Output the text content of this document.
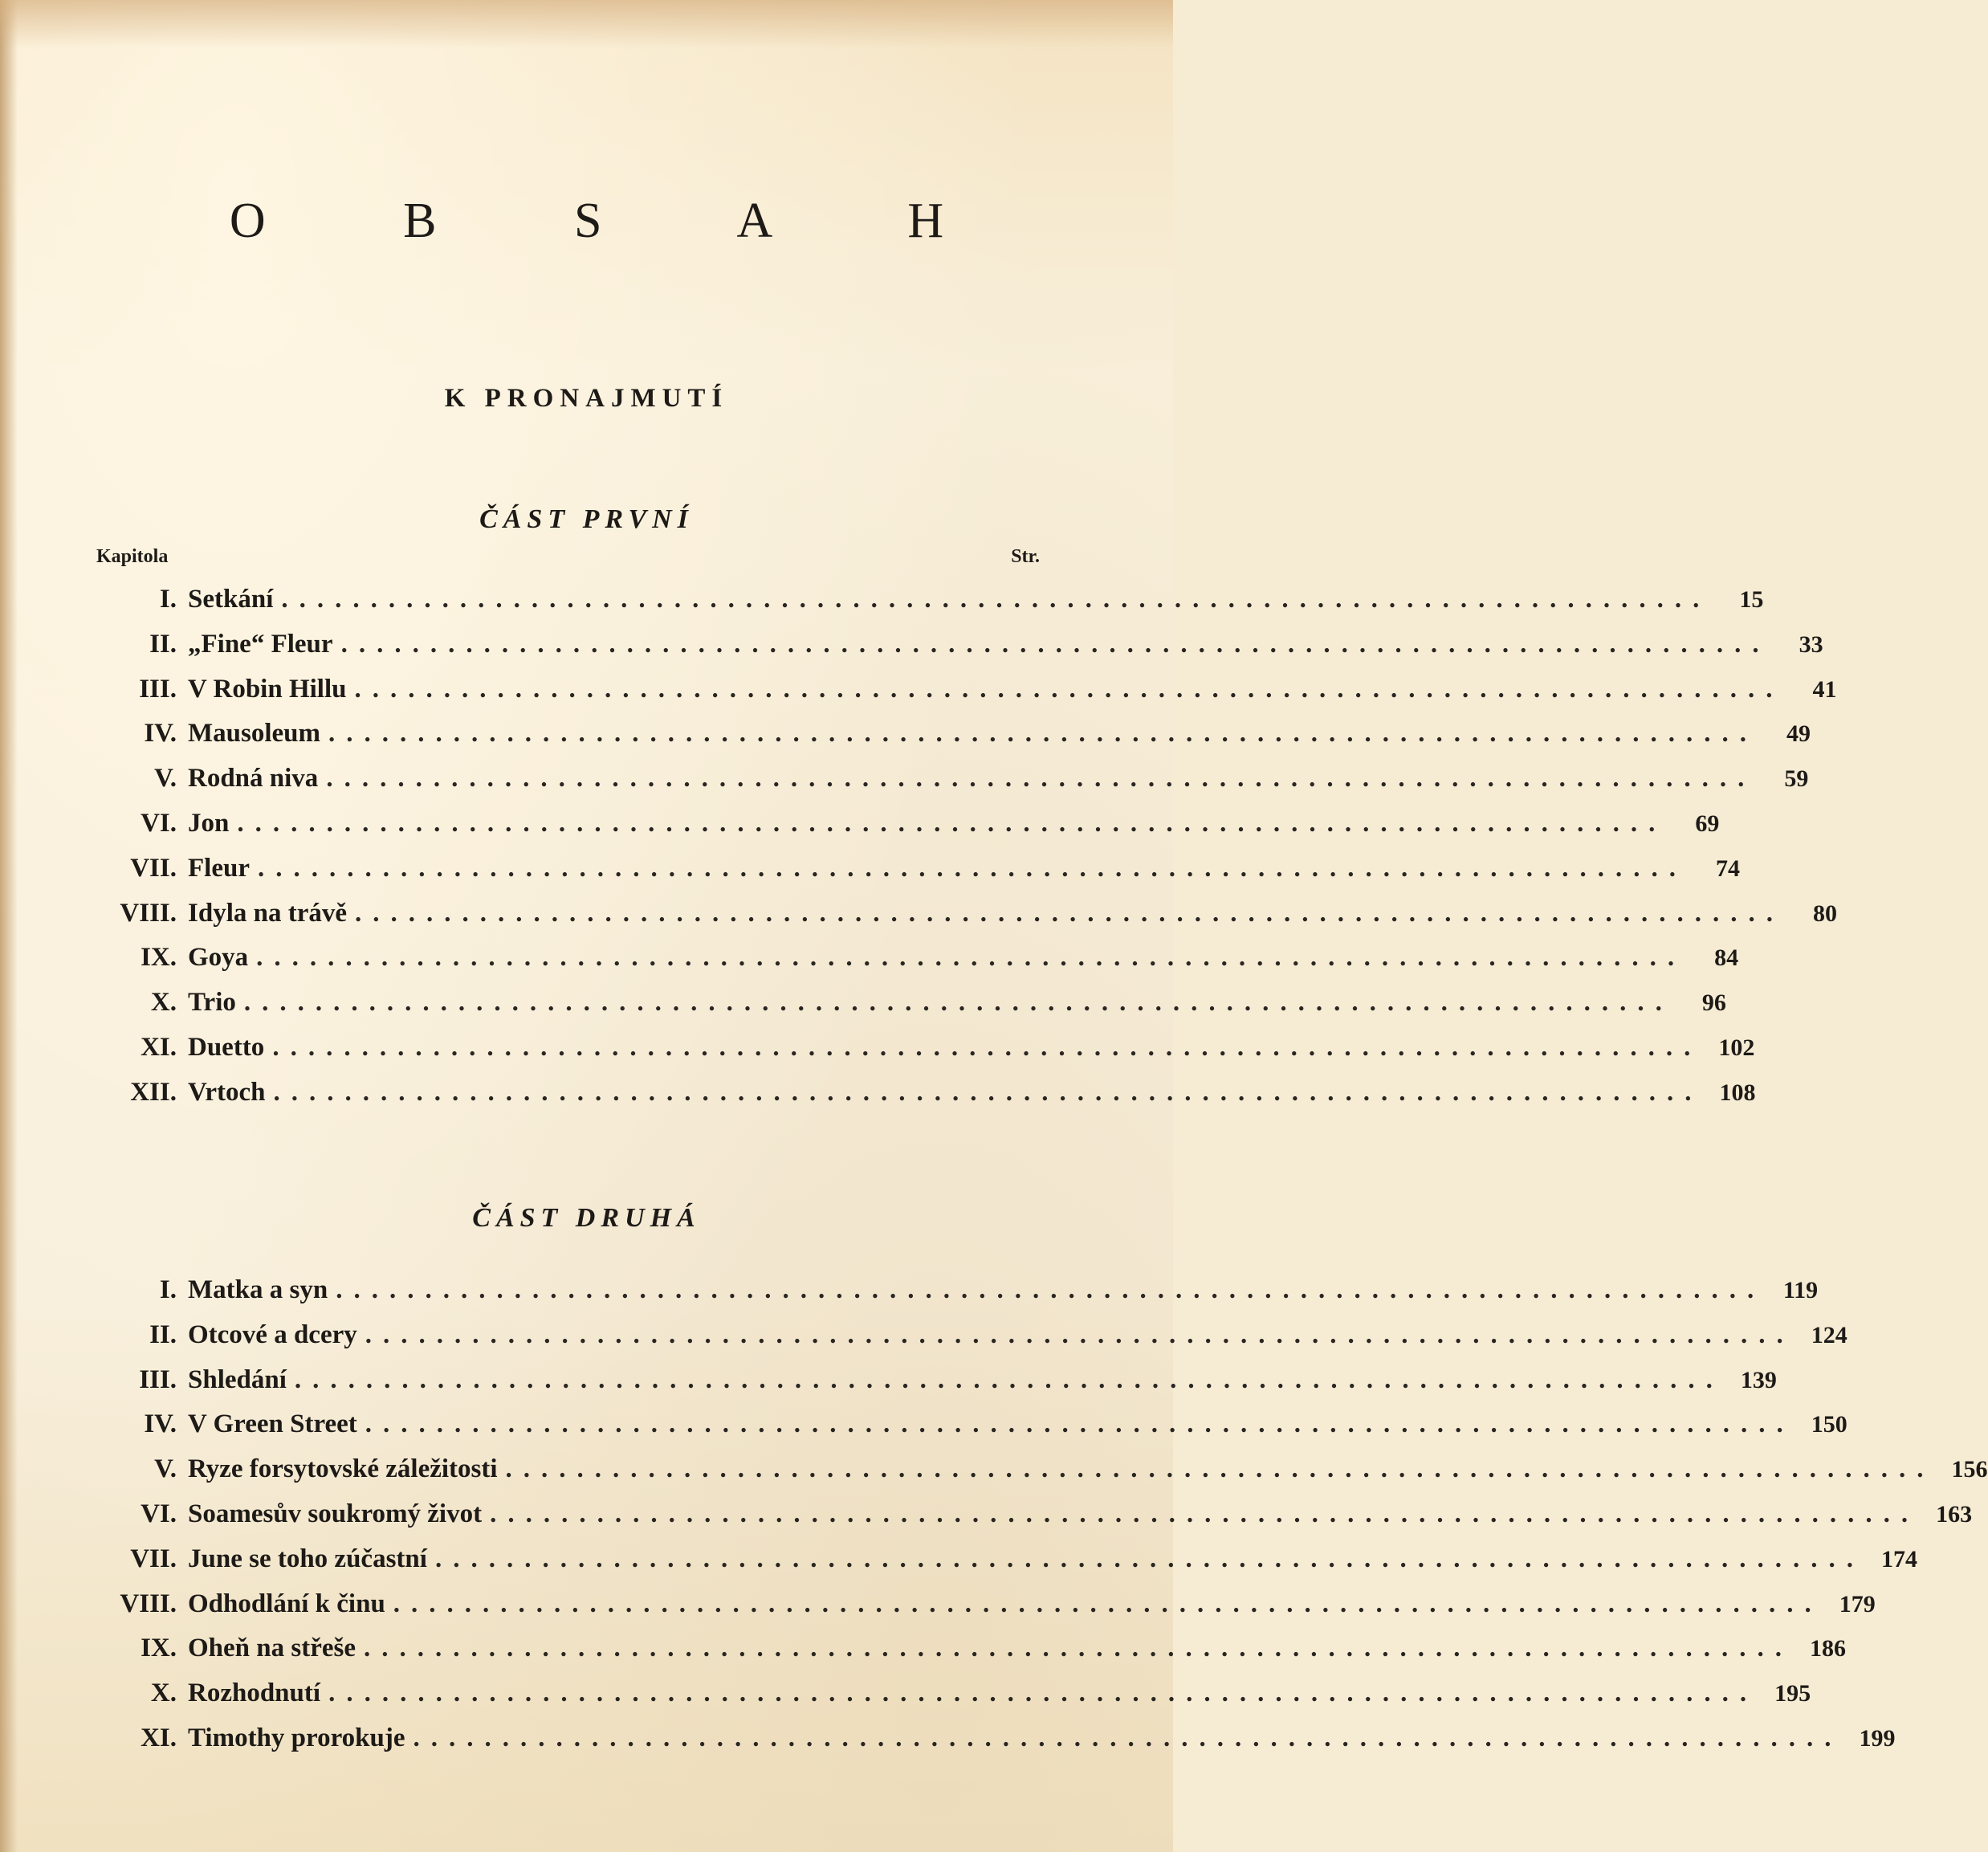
O B S A H
K PRONAJMUTÍ
ČÁST PRVNÍ
Kapitola	Str.
I. Setkání ................................................................................	15
II. „Fine“ Fleur ................................................................................	33
III. V Robin Hillu ................................................................................	41
IV. Mausoleum ................................................................................	49
V. Rodná niva ................................................................................	59
VI. Jon ................................................................................	69
VII. Fleur ................................................................................	74
VIII. Idyla na trávě ................................................................................	80
IX. Goya ................................................................................	84
X. Trio ................................................................................	96
XI. Duetto ................................................................................ 102
XII. Vrtoch ................................................................................ 108
ČÁST DRUHÁ
I. Matka a syn ................................................................................ 119
II. Otcové a dcery ................................................................................ 124
III. Shledání ................................................................................ 139
IV. V Green Street ................................................................................ 150
V. Ryze forsytovské záležitosti ................................................................................ 156
VI. Soamesův soukromý život ................................................................................ 163
VII. June se toho zúčastní ................................................................................ 174
VIII. Odhodlání k činu ................................................................................ 179
IX. Oheň na střeše ................................................................................ 186
X. Rozhodnutí ................................................................................ 195
XI. Timothy prorokuje ................................................................................ 199
